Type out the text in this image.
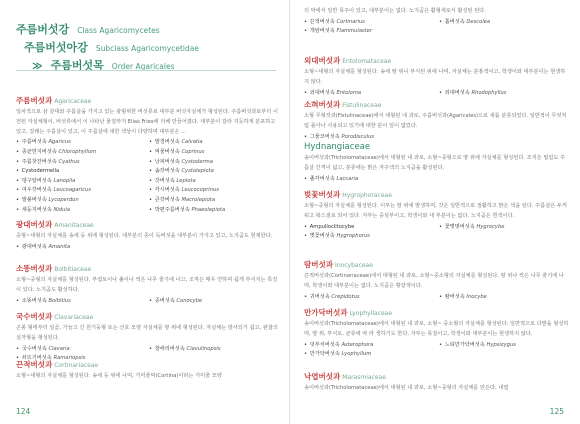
주름버섯강 Class Agaricomycetes
주름버섯아강 Subclass Agaricomycetidae
≫ 주름버섯목 Order Agaricales
주름버섯과 Agaricaceae
일차적으로 삼 갈대와 주름살을 가지고 있는 광범위한 버섯류로 대부분 버섯자실체가 형성된다. 주름버섯과로부터 이전된 자실체형이, 버섯류에서 이 나타난 물질까지 Elias Fries에 의해 만들어졌다. 대부분이 갈라 지듯하게 분포하고 있고, 갈래는 주름살이 있고, 이 주름살에 대한 색상이 다양하며 대부분은 ...
• 주름버섯속 Agaricus	• 말징버섯속 Calvatia
• 종균먼지버섯속 Chlorophyllum	• 먹물버섯속 Coprinus
• 주름찻잔버섯속 Cyathus	• 낭피버섯속 Cystoderma
• Cystodermella	• 솜갓버섯속 Cystolepiota
• 댕구알버섯속 Lanopila	• 갓버섯속 Lepiota
• 여우갓버섯속 Leucoagaricus	• 각시버섯속 Leucocoprinus
• 말불버섯속 Lycoperdon	• 큰갓버섯속 Macrolepiota
• 새둥지버섯속 Nidula	• 박편주름버섯속 Phaeolepiota
광대버섯과 Amanitaceae
중형~대형의 자실체를 송세 등 위에 형성된다. 대부분의 종이 독버섯을 대부분이 가지고 있고, 노지곰도 현재한다.
• 광대버섯속 Amanita
소똥버섯과 Bolbitiaceae
소형~중형의 자실체를 형성된다. 부엽토이나 풀이나 썩은 나무 줄기에 나고, 조직은 매우 연하며 쉽게 부서지는 특징이 있다. 노지곰도 활성하다.
• 소똥버섯속 Bolbitius	• 종버섯속 Conocybe
국수버섯과 Clavariaceae
곤봉 형태부터 일곱, 가늘고 긴 원기둥형 또는 산호 모양 자실체를 땅 위에 형성된다. 자실체는 방사되기 쉽고, 관찰의 실자형을 형성된다.
• 국수버섯속 Clavaria	• 창싸리버섯속 Clavulinopsis
• 쇠뜨기버섯속 Ramariopsis
끈적버섯과 Cortinariaceae
소형~대형의 자실체를 형성된다. 송세 등 위에 나며, 거미줄막(Cortina)이라는 거미줄 모양
124
의 막에서 일반 목주이 있고, 대부분이는 없다. 노지곰은 활형세로서 활성된 된다.
• 끈적버섯속 Cortinarius	• 톱버섯속 Descolea
• 개암버섯속 Flammulaster
외대버섯과 Entolomataceae
소형~대형의 자실체를 형성된다. 송세 땅 위나 부식된 위에 나며, 자실체는 분홍색이고, 학생이와 대부분이는 현생하지 않다.
• 외대버섯속 Entoloma	• 외대버섯속 Rhodophyllus
소혀버섯과 Fistulinaceae
소형 무형갓과(Fistulinaceae)에서 대형된 내 과로, 주름버섯과(Agaricales)으로 새롭 분류되었다. 일반적이 무엇처럼 몰아나 사용되고 있기에 대한 분이 일이 없었다.
• 그물코버섯속 Porodisculus
Hydnangiaceae
송이버섯과(Tricholomataceae)에서 대형된 내 과로, 소형~중형으로 땅 위에 자실체를 형성된다. 조직은 밀림도 주름살 간격이 넓고, 분류에는 밝은 자주색의 노지곰을 활성된다.
• 졸각버섯속 Laccaria
벚꽃버섯과 Hygrophoraceae
소형~중형의 자실체를 형성된다. 이부는 땅 위에 발생하며, 갓은 일반적으로 점활하고 밝은 색을 띤다. 주름살은 두꺼워고 왁스질로 되어 있다. 자부는 중심부이고, 학생이와 대 부분이는 없다. 노지곰은 흰색이다.
• Ampulloclitocybe	• 꽃벚벗버섯속 Hygrocybe
• 벚꽃버섯속 Hygrophorus
땀버섯과 Inocybaceae
끈적버섯과(Cortinariaceae)에서 대형된 내 과로, 소형~중소형의 자실체를 형성된다. 땅 위나 썩은 나무 줄기에 나며, 학생이와 대부분이는 없다. 노지곰은 황갈색이다.
• 귀버섯속 Crepidotus	• 땀버섯속 Inocybe
만가닥버섯과 Lyophyllaceae
송이버섯과(Tricholomataceae)에서 대형된 내 과로, 소형~ 중소형의 자실체를 형성된다. 일반적으로 다발을 형성하며, 땅 위, 부식토, 균류에 따 라 생하기도 한다. 자부는 목질이고, 학생이와 대부분이는 현생하지 않다.
• 덧부치버섯속 Asterophora	• 느티만가닥버섯속 Hypsizygus
• 만가닥버섯속 Lyophyllum
낙엽버섯과 Marasmiaceae
송이버섯과(Tricholomataceae)에서 대형된 내 과로, 소형~중형의 자실체를 만든다. 내열
125
